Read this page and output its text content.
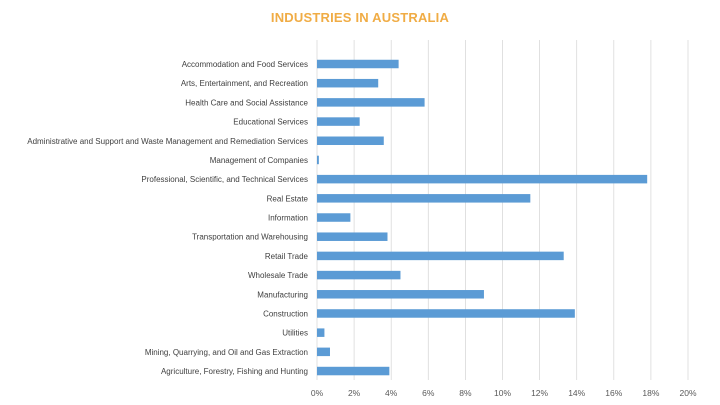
INDUSTRIES IN AUSTRALIA
Accommodation and Food Services
Arts, Entertainment, and Recreation
Health Care and Social Assistance
Educational Services
Administrative and Support and Waste Management and Remediation Services
Management of Companies
Professional, Scientific, and Technical Services
Real Estate
Information
Transportation and Warehousing
Retail Trade
Wholesale Trade
Manufacturing
Construction
Utilities
Mining, Quarrying, and Oil and Gas Extraction
Agriculture, Forestry, Fishing and Hunting
0%	2%	4%	6%	8%	10% 12% 14% 16% 18% 20%
